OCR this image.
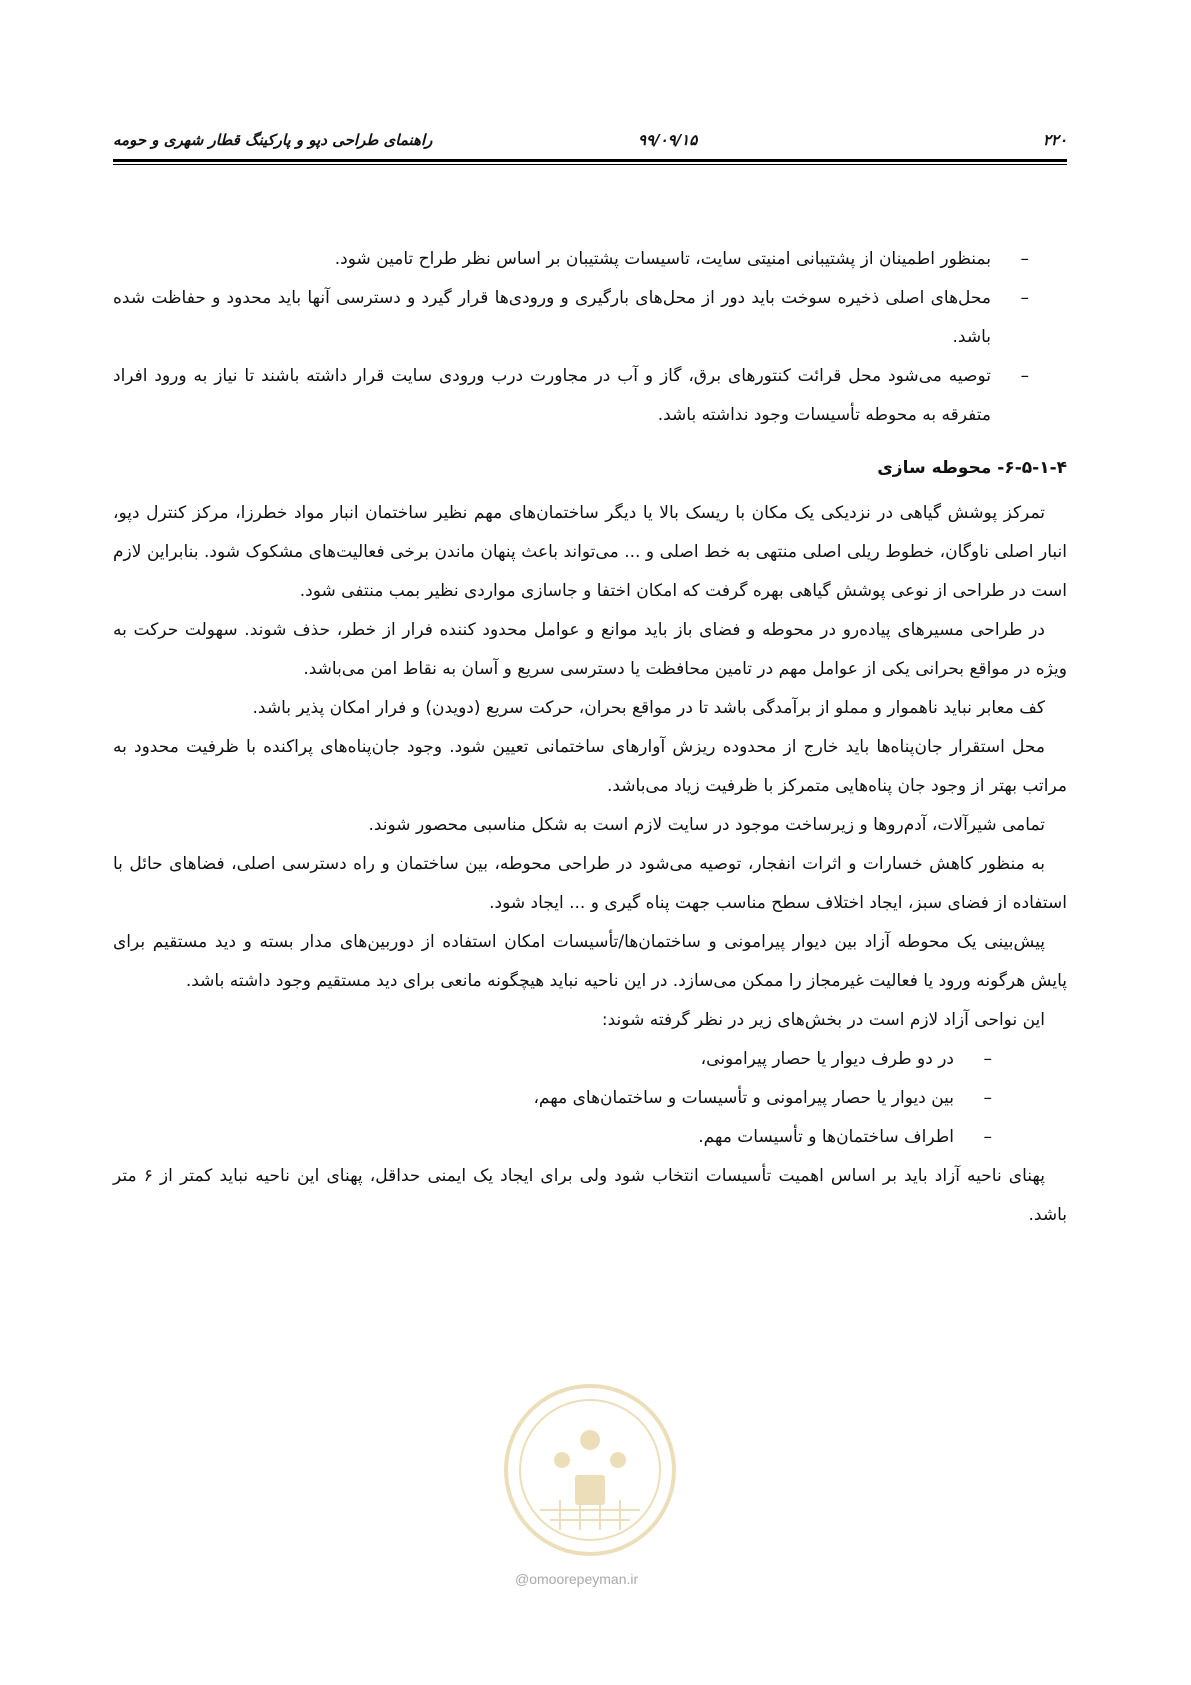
۲۲۰
۹۹/۰۹/۱۵
راهنمای طراحی دپو و پارکینگ قطار شهری و حومه
– بمنظور اطمینان از پشتیبانی امنیتی سایت، تاسیسات پشتیبان بر اساس نظر طراح تامین شود.
– محل‌های اصلی ذخیره سوخت باید دور از محل‌های بارگیری و ورودی‌ها قرار گیرد و دسترسی آنها باید محدود و حفاظت شده باشد.
– توصیه می‌شود محل قرائت کنتورهای برق، گاز و آب در مجاورت درب ورودی سایت قرار داشته باشند تا نیاز به ورود افراد متفرقه به محوطه تأسیسات وجود نداشته باشد.
۶-۵-۱-۴- محوطه سازی
تمرکز پوشش گیاهی در نزدیکی یک مکان با ریسک بالا یا دیگر ساختمان‌های مهم نظیر ساختمان انبار مواد خطرزا، مرکز کنترل دپو، انبار اصلی ناوگان، خطوط ریلی اصلی منتهی به خط اصلی و ... می‌تواند باعث پنهان ماندن برخی فعالیت‌های مشکوک شود. بنابراین لازم است در طراحی از نوعی پوشش گیاهی بهره گرفت که امکان اختفا و جاسازی مواردی نظیر بمب منتفی شود.
در طراحی مسیرهای پیاده‌رو در محوطه و فضای باز باید موانع و عوامل محدود کننده فرار از خطر، حذف شوند. سهولت حرکت به ویژه در مواقع بحرانی یکی از عوامل مهم در تامین محافظت یا دسترسی سریع و آسان به نقاط امن می‌باشد.
کف معابر نباید ناهموار و مملو از برآمدگی باشد تا در مواقع بحران، حرکت سریع (دویدن) و فرار امکان پذیر باشد.
محل استقرار جان‌پناه‌ها باید خارج از محدوده ریزش آوارهای ساختمانی تعیین شود. وجود جان‌پناه‌های پراکنده با ظرفیت محدود به مراتب بهتر از وجود جان پناه‌هایی متمرکز با ظرفیت زیاد می‌باشد.
تمامی شیرآلات، آدم‌روها و زیرساخت موجود در سایت لازم است به شکل مناسبی محصور شوند.
به منظور کاهش خسارات و اثرات انفجار، توصیه می‌شود در طراحی محوطه، بین ساختمان و راه دسترسی اصلی، فضاهای حائل با استفاده از فضای سبز، ایجاد اختلاف سطح مناسب جهت پناه گیری و ... ایجاد شود.
پیش‌بینی یک محوطه آزاد بین دیوار پیرامونی و ساختمان‌ها/تأسیسات امکان استفاده از دوربین‌های مدار بسته و دید مستقیم برای پایش هرگونه ورود یا فعالیت غیرمجاز را ممکن می‌سازد. در این ناحیه نباید هیچگونه مانعی برای دید مستقیم وجود داشته باشد.
این نواحی آزاد لازم است در بخش‌های زیر در نظر گرفته شوند:
– در دو طرف دیوار یا حصار پیرامونی،
– بین دیوار یا حصار پیرامونی و تأسیسات و ساختمان‌های مهم،
– اطراف ساختمان‌ها و تأسیسات مهم.
پهنای ناحیه آزاد باید بر اساس اهمیت تأسیسات انتخاب شود ولی برای ایجاد یک ایمنی حداقل، پهنای این ناحیه نباید کمتر از ۶ متر باشد.
@omoorepeyman.ir
